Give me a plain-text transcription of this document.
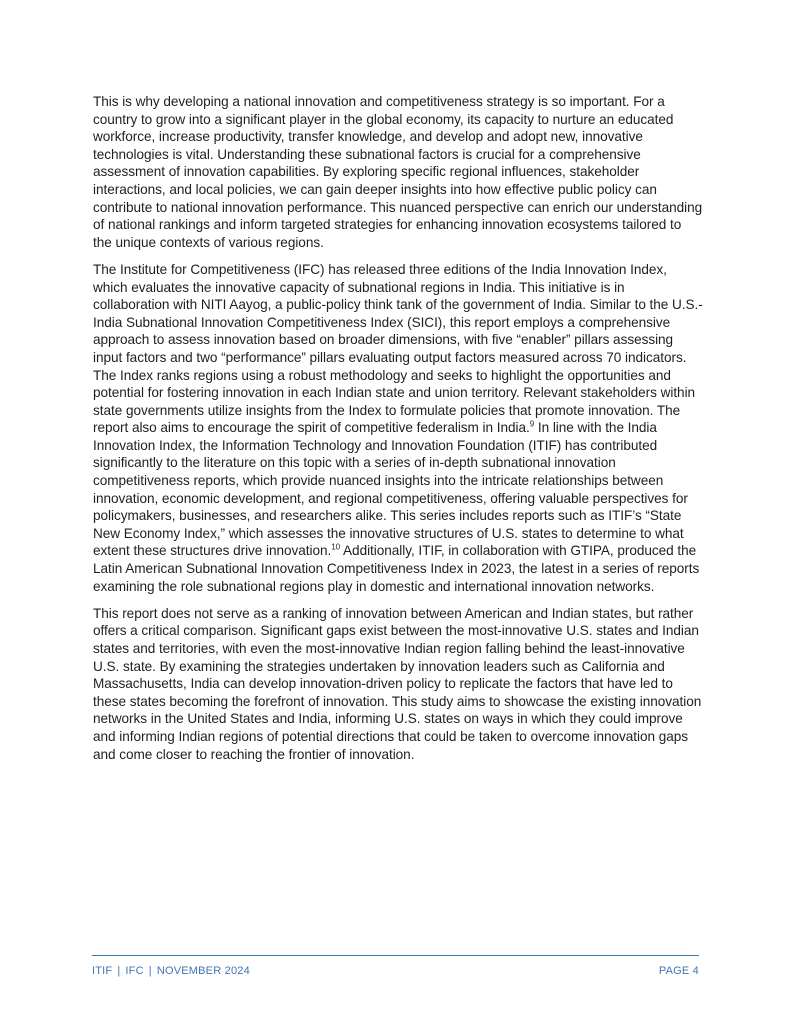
This is why developing a national innovation and competitiveness strategy is so important. For a country to grow into a significant player in the global economy, its capacity to nurture an educated workforce, increase productivity, transfer knowledge, and develop and adopt new, innovative technologies is vital. Understanding these subnational factors is crucial for a comprehensive assessment of innovation capabilities. By exploring specific regional influences, stakeholder interactions, and local policies, we can gain deeper insights into how effective public policy can contribute to national innovation performance. This nuanced perspective can enrich our understanding of national rankings and inform targeted strategies for enhancing innovation ecosystems tailored to the unique contexts of various regions.

The Institute for Competitiveness (IFC) has released three editions of the India Innovation Index, which evaluates the innovative capacity of subnational regions in India. This initiative is in collaboration with NITI Aayog, a public-policy think tank of the government of India. Similar to the U.S.-India Subnational Innovation Competitiveness Index (SICI), this report employs a comprehensive approach to assess innovation based on broader dimensions, with five “enabler” pillars assessing input factors and two “performance” pillars evaluating output factors measured across 70 indicators. The Index ranks regions using a robust methodology and seeks to highlight the opportunities and potential for fostering innovation in each Indian state and union territory. Relevant stakeholders within state governments utilize insights from the Index to formulate policies that promote innovation. The report also aims to encourage the spirit of competitive federalism in India.$^9$ In line with the India Innovation Index, the Information Technology and Innovation Foundation (ITIF) has contributed significantly to the literature on this topic with a series of in-depth subnational innovation competitiveness reports, which provide nuanced insights into the intricate relationships between innovation, economic development, and regional competitiveness, offering valuable perspectives for policymakers, businesses, and researchers alike. This series includes reports such as ITIF’s “State New Economy Index,” which assesses the innovative structures of U.S. states to determine to what extent these structures drive innovation.$^{10}$ Additionally, ITIF, in collaboration with GTIPA, produced the Latin American Subnational Innovation Competitiveness Index in 2023, the latest in a series of reports examining the role subnational regions play in domestic and international innovation networks.

This report does not serve as a ranking of innovation between American and Indian states, but rather offers a critical comparison. Significant gaps exist between the most-innovative U.S. states and Indian states and territories, with even the most-innovative Indian region falling behind the least-innovative U.S. state. By examining the strategies undertaken by innovation leaders such as California and Massachusetts, India can develop innovation-driven policy to replicate the factors that have led to these states becoming the forefront of innovation. This study aims to showcase the existing innovation networks in the United States and India, informing U.S. states on ways in which they could improve and informing Indian regions of potential directions that could be taken to overcome innovation gaps and come closer to reaching the frontier of innovation.

ITIF | IFC | NOVEMBER 2024	PAGE 4
